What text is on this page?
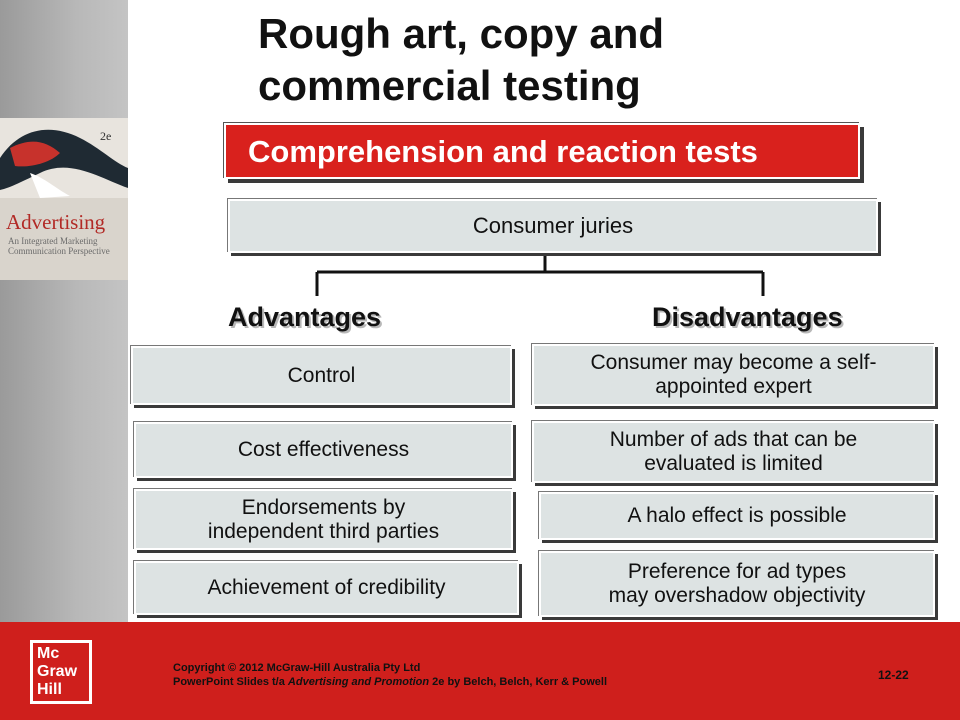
2e
Advertising
An Integrated Marketing Communication Perspective
Rough art, copy and
commercial testing
Comprehension and reaction tests
Consumer juries
Advantages	Disadvantages
Control
Cost effectiveness
Endorsements by
independent third parties
Achievement of credibility
Consumer may become a self-
appointed expert
Number of ads that can be
evaluated is limited
A halo effect is possible
Preference for ad types
may overshadow objectivity
Mc
Graw
Hill
Copyright © 2012 McGraw-Hill Australia Pty Ltd
PowerPoint Slides t/a Advertising and Promotion 2e by Belch, Belch, Kerr & Powell	12-22
